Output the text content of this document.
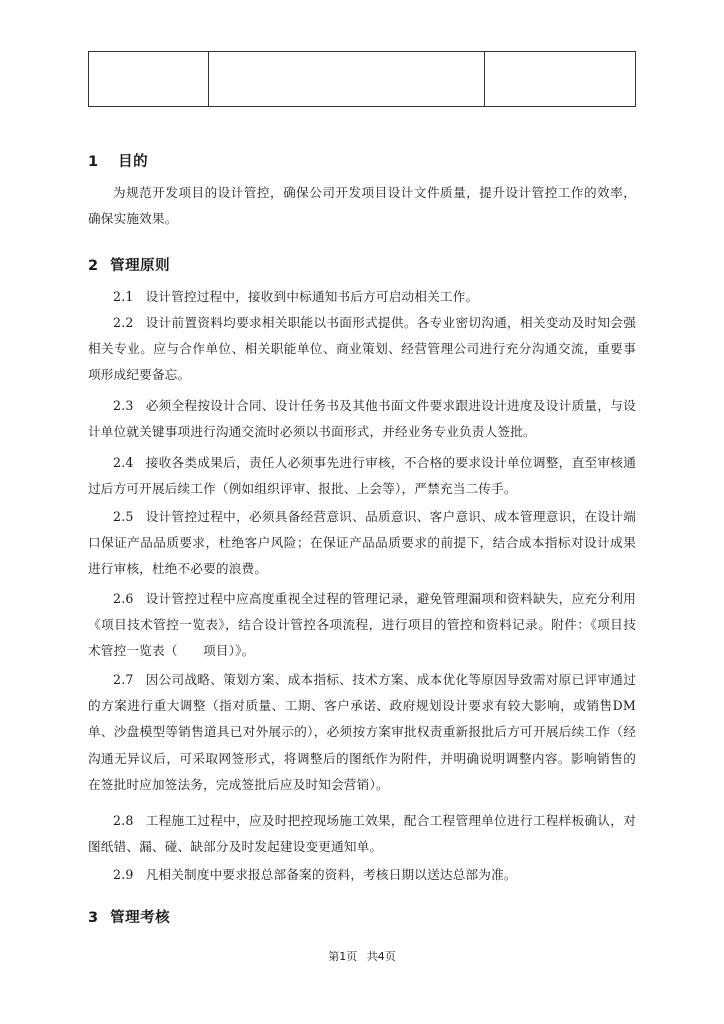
1 目的
为规范开发项目的设计管控，确保公司开发项目设计文件质量，提升设计管控工作的效率，确保实施效果。
2 管理原则
2.1 设计管控过程中，接收到中标通知书后方可启动相关工作。
2.2 设计前置资料均要求相关职能以书面形式提供。各专业密切沟通，相关变动及时知会强相关专业。应与合作单位、相关职能单位、商业策划、经营管理公司进行充分沟通交流，重要事项形成纪要备忘。
2.3 必须全程按设计合同、设计任务书及其他书面文件要求跟进设计进度及设计质量，与设计单位就关键事项进行沟通交流时必须以书面形式，并经业务专业负责人签批。
2.4 接收各类成果后，责任人必须事先进行审核，不合格的要求设计单位调整，直至审核通过后方可开展后续工作（例如组织评审、报批、上会等），严禁充当二传手。
2.5 设计管控过程中，必须具备经营意识、品质意识、客户意识、成本管理意识，在设计端口保证产品品质要求，杜绝客户风险；在保证产品品质要求的前提下，结合成本指标对设计成果进行审核，杜绝不必要的浪费。
2.6 设计管控过程中应高度重视全过程的管理记录，避免管理漏项和资料缺失，应充分利用《项目技术管控一览表》，结合设计管控各项流程，进行项目的管控和资料记录。附件：《项目技术管控一览表（　　项目）》。
2.7 因公司战略、策划方案、成本指标、技术方案、成本优化等原因导致需对原已评审通过的方案进行重大调整（指对质量、工期、客户承诺、政府规划设计要求有较大影响，或销售DM单、沙盘模型等销售道具已对外展示的），必须按方案审批权责重新报批后方可开展后续工作（经沟通无异议后，可采取网签形式，将调整后的图纸作为附件，并明确说明调整内容。影响销售的在签批时应加签法务，完成签批后应及时知会营销）。
2.8 工程施工过程中，应及时把控现场施工效果，配合工程管理单位进行工程样板确认，对图纸错、漏、碰、缺部分及时发起建设变更通知单。
2.9 凡相关制度中要求报总部备案的资料，考核日期以送达总部为准。
3 管理考核
第1页 共4页
